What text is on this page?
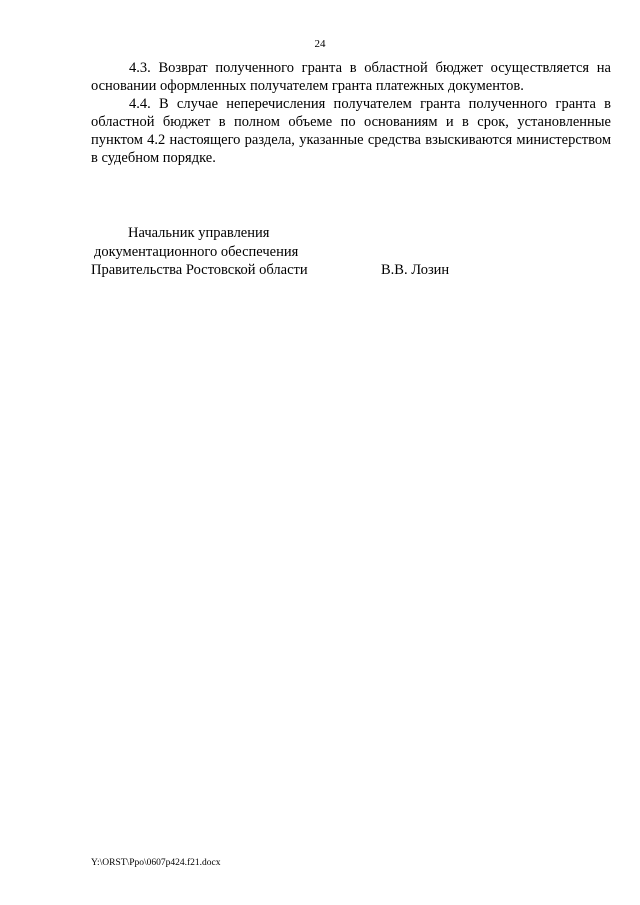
24

4.3. Возврат полученного гранта в областной бюджет осуществляется на основании оформленных получателем гранта платежных документов.

4.4. В случае неперечисления получателем гранта полученного гранта в областной бюджет в полном объеме по основаниям и в срок, установленные пунктом 4.2 настоящего раздела, указанные средства взыскиваются министерством в судебном порядке.

Начальник управления
документационного обеспечения
Правительства Ростовской области	В.В. Лозин
Y:\ORST\Ppo\0607p424.f21.docx
